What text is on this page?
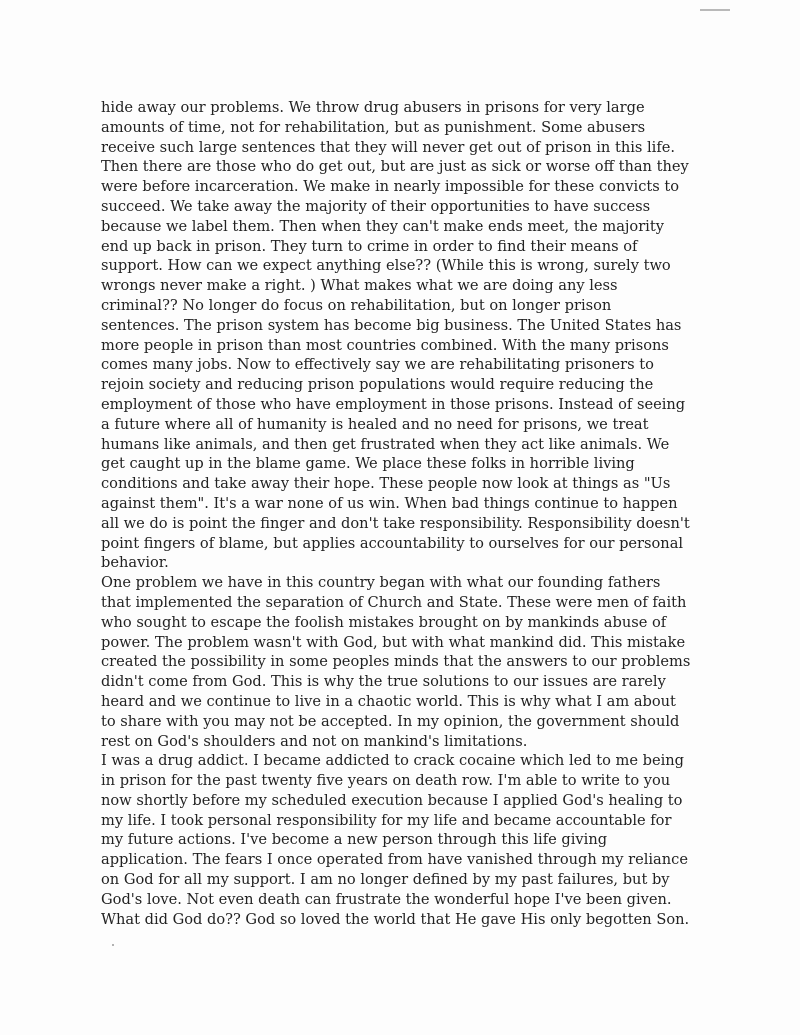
hide away our problems. We throw drug abusers in prisons for very large
amounts of time, not for rehabilitation, but as punishment. Some abusers
receive such large sentences that they will never get out of prison in this life.
Then there are those who do get out, but are just as sick or worse off than they
were before incarceration. We make in nearly impossible for these convicts to
succeed. We take away the majority of their opportunities to have success
because we label them. Then when they can't make ends meet, the majority
end up back in prison. They turn to crime in order to find their means of
support. How can we expect anything else?? (While this is wrong, surely two
wrongs never make a right. ) What makes what we are doing any less
criminal?? No longer do focus on rehabilitation, but on longer prison
sentences. The prison system has become big business. The United States has
more people in prison than most countries combined. With the many prisons
comes many jobs. Now to effectively say we are rehabilitating prisoners to
rejoin society and reducing prison populations would require reducing the
employment of those who have employment in those prisons. Instead of seeing
a future where all of humanity is healed and no need for prisons, we treat
humans like animals, and then get frustrated when they act like animals. We
get caught up in the blame game. We place these folks in horrible living
conditions and take away their hope. These people now look at things as "Us
against them". It's a war none of us win. When bad things continue to happen
all we do is point the finger and don't take responsibility. Responsibility doesn't
point fingers of blame, but applies accountability to ourselves for our personal
behavior.
One problem we have in this country began with what our founding fathers
that implemented the separation of Church and State. These were men of faith
who sought to escape the foolish mistakes brought on by mankinds abuse of
power. The problem wasn't with God, but with what mankind did. This mistake
created the possibility in some peoples minds that the answers to our problems
didn't come from God. This is why the true solutions to our issues are rarely
heard and we continue to live in a chaotic world. This is why what I am about
to share with you may not be accepted. In my opinion, the government should
rest on God's shoulders and not on mankind's limitations.
I was a drug addict. I became addicted to crack cocaine which led to me being
in prison for the past twenty five years on death row. I'm able to write to you
now shortly before my scheduled execution because I applied God's healing to
my life. I took personal responsibility for my life and became accountable for
my future actions. I've become a new person through this life giving
application. The fears I once operated from have vanished through my reliance
on God for all my support. I am no longer defined by my past failures, but by
God's love. Not even death can frustrate the wonderful hope I've been given.
What did God do?? God so loved the world that He gave His only begotten Son.
